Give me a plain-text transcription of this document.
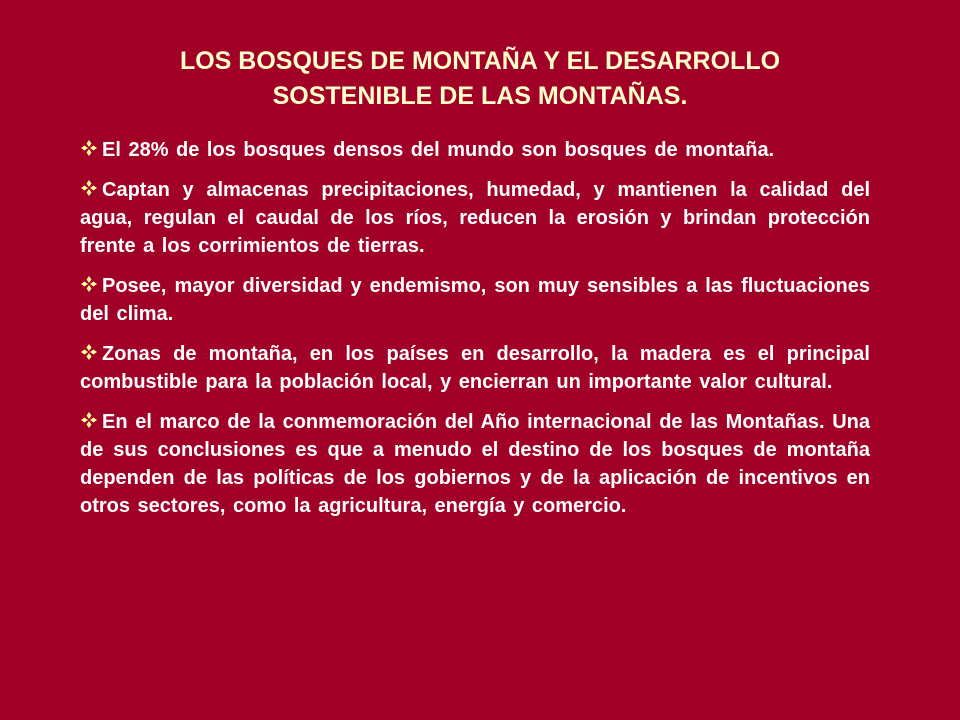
LOS BOSQUES DE MONTAÑA Y EL DESARROLLO
SOSTENIBLE DE LAS MONTAÑAS.
El 28% de los bosques densos del mundo son bosques de montaña.
Captan y almacenas precipitaciones, humedad, y mantienen la calidad del agua, regulan el caudal de los ríos, reducen la erosión y brindan protección frente a los corrimientos de tierras.
Posee, mayor diversidad y endemismo, son muy sensibles a las fluctuaciones del clima.
Zonas de montaña, en los países en desarrollo, la madera es el principal combustible para la población local, y encierran un importante valor cultural.
En el marco de la conmemoración del Año internacional de las Montañas. Una de sus conclusiones es que a menudo el destino de los bosques de montaña dependen de las políticas de los gobiernos y de la aplicación de incentivos en otros sectores, como la agricultura, energía y comercio.
